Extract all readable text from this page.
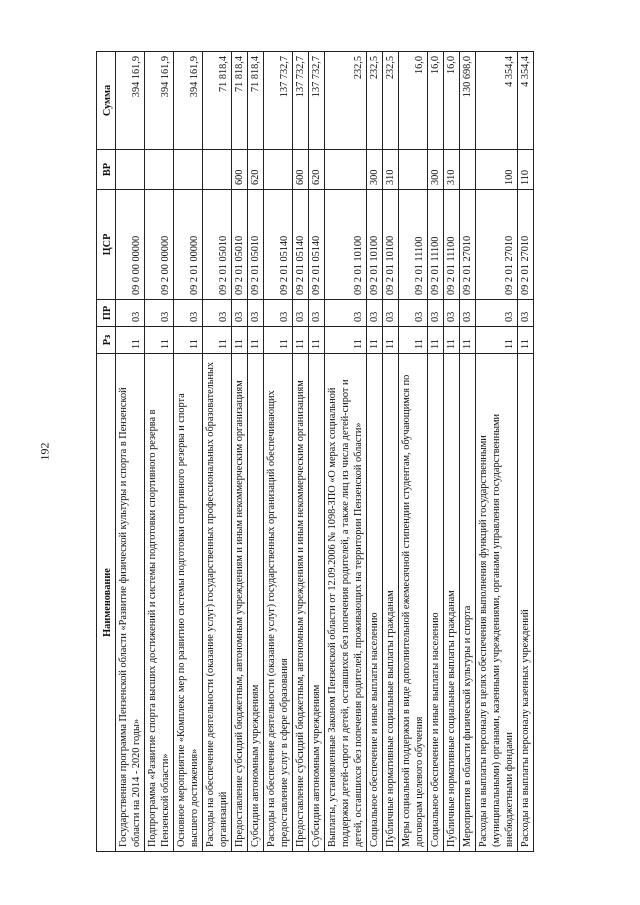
192
Наименование	Рз	ПР	ЦСР	ВР	Сумма
Государственная программа Пензенской области «Развитие физической культуры и спорта в Пензенской области на 2014 - 2020 годы»	11	03	09 0 00 00000		394 161,9
Подпрограмма «Развитие спорта высших достижений и системы подготовки спортивного резерва в Пензенской области»	11	03	09 2 00 00000		394 161,9
Основное мероприятие «Комплекс мер по развитию системы подготовки спортивного резерва и спорта высшего достижения»	11	03	09 2 01 00000		394 161,9
Расходы на обеспечение деятельности (оказание услуг) государственных профессиональных образовательных организаций	11	03	09 2 01 05010		71 818,4
Предоставление субсидий бюджетным, автономным учреждениям и иным некоммерческим организациям	11	03	09 2 01 05010	600	71 818,4
Субсидии автономным учреждениям	11	03	09 2 01 05010	620	71 818,4
Расходы на обеспечение деятельности (оказание услуг) государственных организаций обеспечивающих предоставление услуг в сфере образования	11	03	09 2 01 05140		137 732,7
Предоставление субсидий бюджетным, автономным учреждениям и иным некоммерческим организациям	11	03	09 2 01 05140	600	137 732,7
Субсидии автономным учреждениям	11	03	09 2 01 05140	620	137 732,7
Выплаты, установленные Законом Пензенской области от 12.09.2006 № 1098-ЗПО «О мерах социальной поддержки детей-сирот и детей, оставшихся без попечения родителей, а также лиц из числа детей-сирот и детей, оставшихся без попечения родителей, проживающих на территории Пензенской области»	11	03	09 2 01 10100		232,5
Социальное обеспечение и иные выплаты населению	11	03	09 2 01 10100	300	232,5
Публичные нормативные социальные выплаты гражданам	11	03	09 2 01 10100	310	232,5
Меры социальной поддержки в виде дополнительной ежемесячной стипендии студентам, обучающимся по договорам целевого обучения	11	03	09 2 01 11100		16,0
Социальное обеспечение и иные выплаты населению	11	03	09 2 01 11100	300	16,0
Публичные нормативные социальные выплаты гражданам	11	03	09 2 01 11100	310	16,0
Мероприятия в области физической культуры и спорта	11	03	09 2 01 27010		130 698,0
Расходы на выплаты персоналу в целях обеспечения выполнения функций государственными (муниципальными) органами, казенными учреждениями, органами управления государственными внебюджетными фондами	11	03	09 2 01 27010	100	4 354,4
Расходы на выплаты персоналу казенных учреждений	11	03	09 2 01 27010	110	4 354,4
